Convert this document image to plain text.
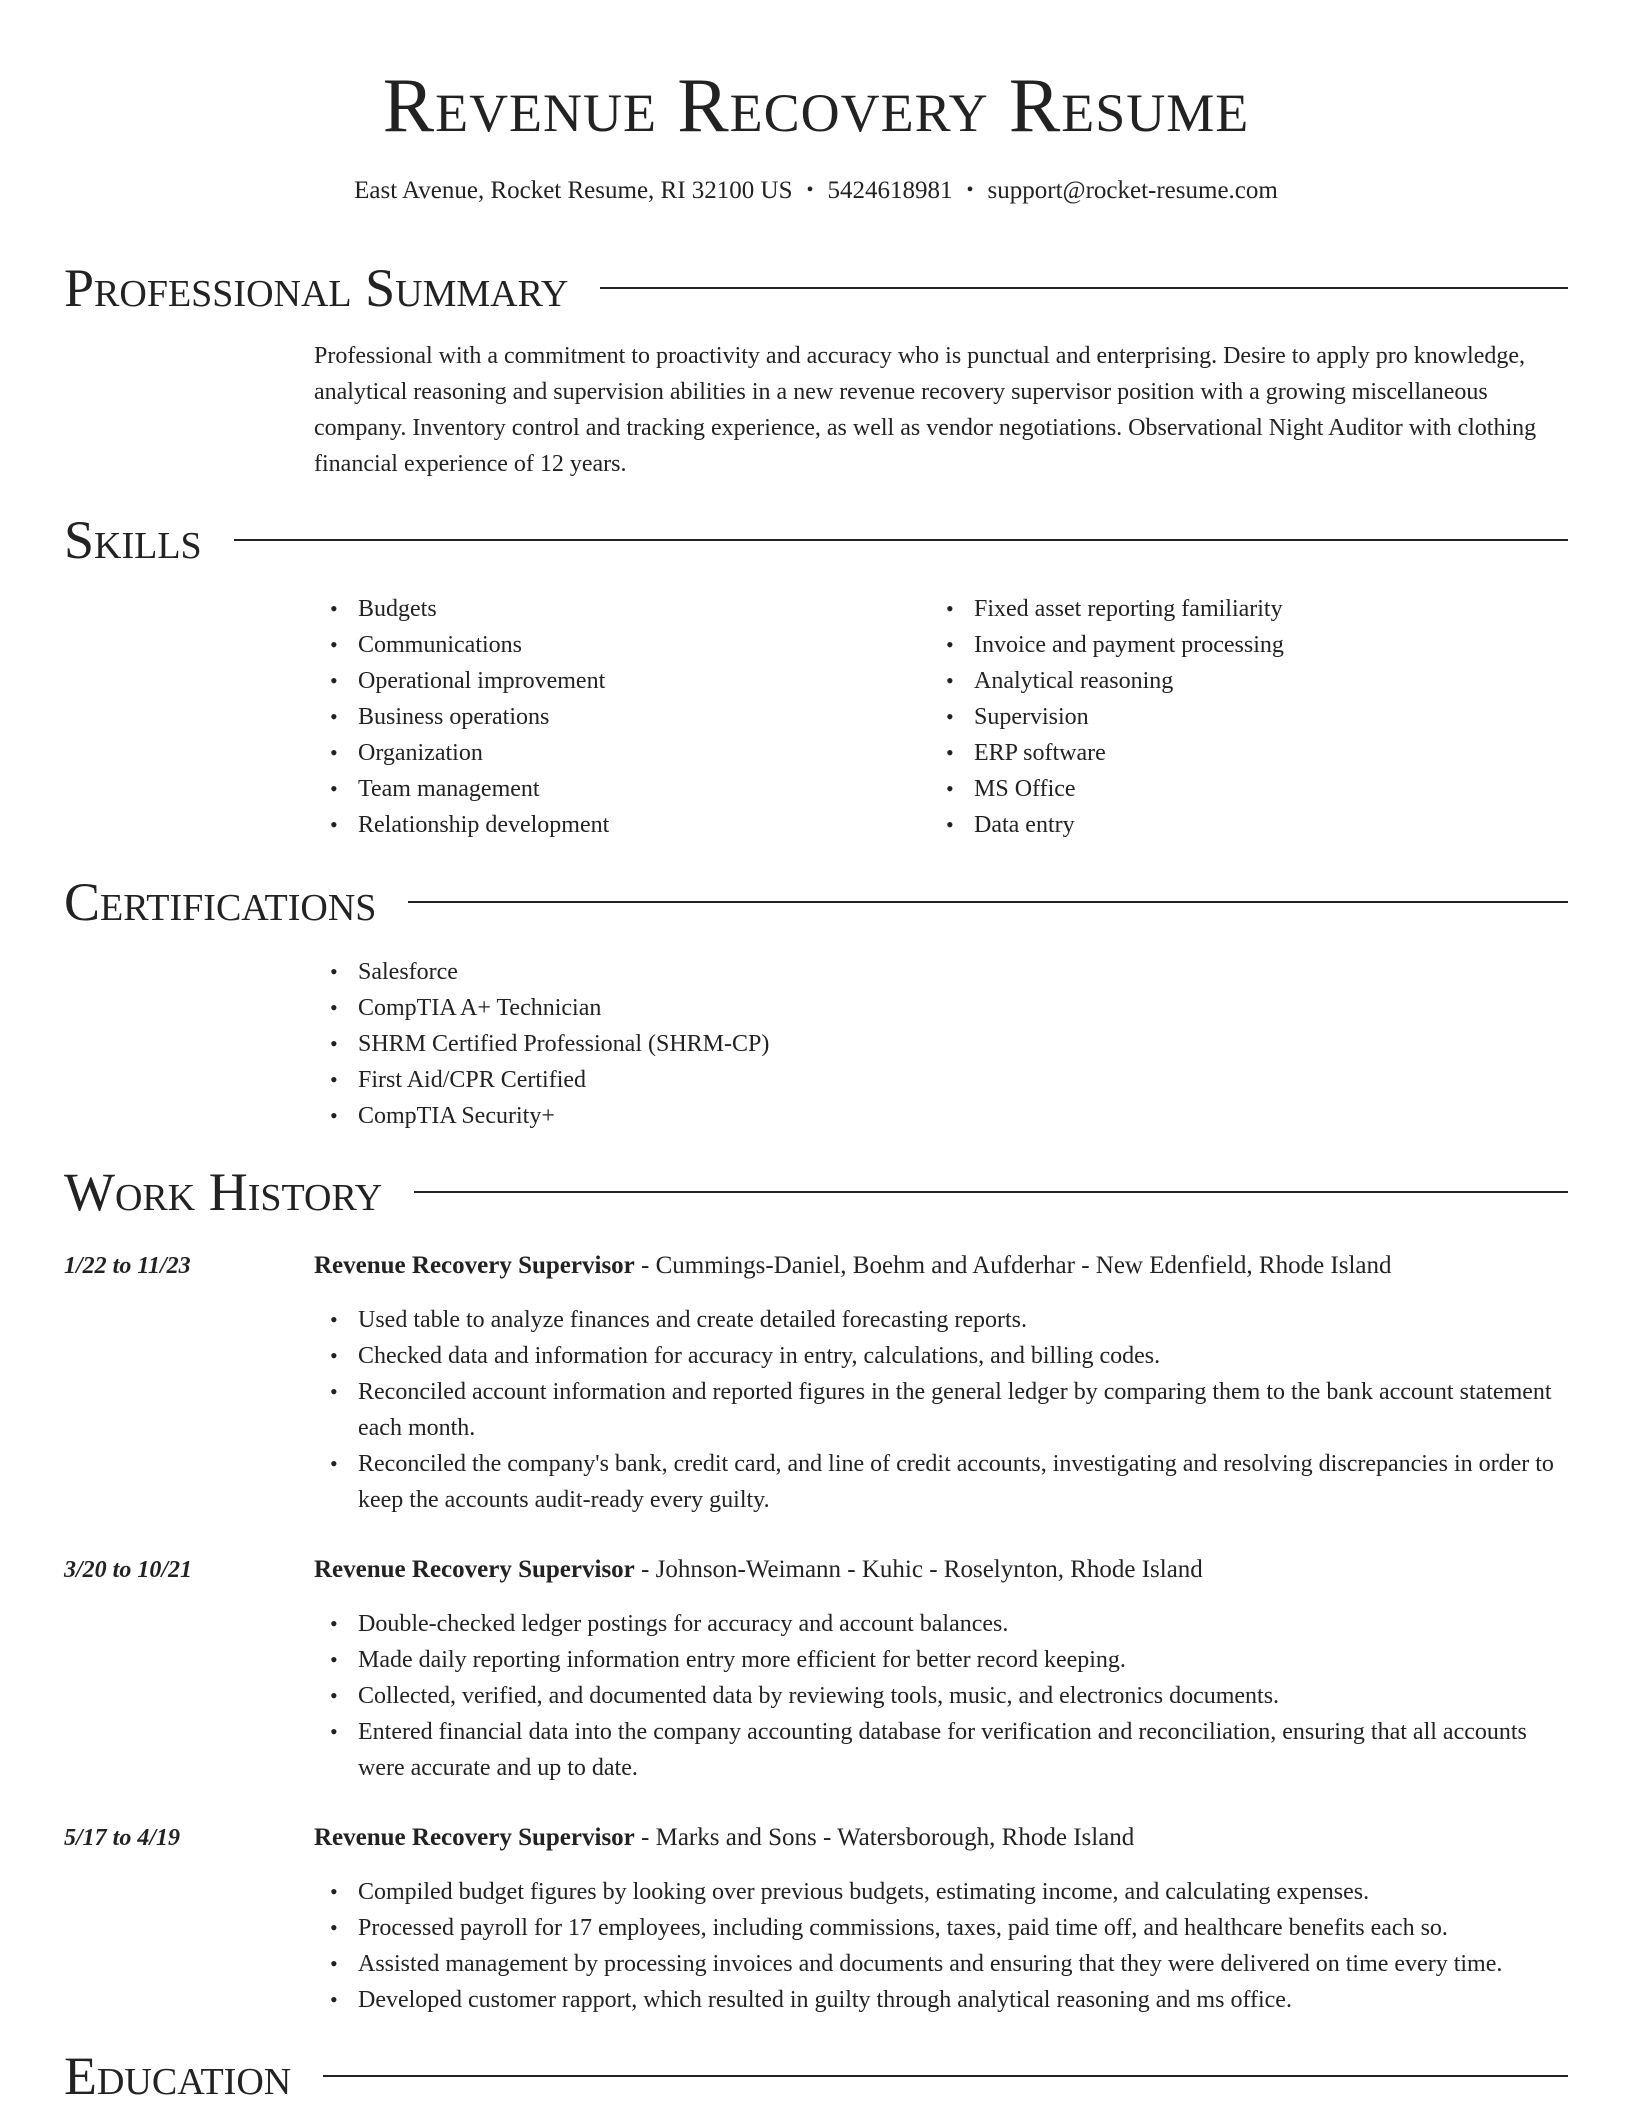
Revenue Recovery Resume
East Avenue, Rocket Resume, RI 32100 US • 5424618981 • support@rocket-resume.com
Professional Summary

Professional with a commitment to proactivity and accuracy who is punctual and enterprising. Desire to apply pro knowledge, analytical reasoning and supervision abilities in a new revenue recovery supervisor position with a growing miscellaneous company. Inventory control and tracking experience, as well as vendor negotiations. Observational Night Auditor with clothing financial experience of 12 years.

Skills
• Budgets
• Communications
• Operational improvement
• Business operations
• Organization
• Team management
• Relationship development
• Fixed asset reporting familiarity
• Invoice and payment processing
• Analytical reasoning
• Supervision
• ERP software
• MS Office
• Data entry
Certifications
• Salesforce
• CompTIA A+ Technician
• SHRM Certified Professional (SHRM-CP)
• First Aid/CPR Certified
• CompTIA Security+
Work History
1/22 to 11/23	Revenue Recovery Supervisor - Cummings-Daniel, Boehm and Aufderhar - New Edenfield, Rhode Island
• Used table to analyze finances and create detailed forecasting reports.
• Checked data and information for accuracy in entry, calculations, and billing codes.
• Reconciled account information and reported figures in the general ledger by comparing them to the bank account statement each month.
• Reconciled the company's bank, credit card, and line of credit accounts, investigating and resolving discrepancies in order to keep the accounts audit-ready every guilty.
3/20 to 10/21	Revenue Recovery Supervisor - Johnson-Weimann - Kuhic - Roselynton, Rhode Island
• Double-checked ledger postings for accuracy and account balances.
• Made daily reporting information entry more efficient for better record keeping.
• Collected, verified, and documented data by reviewing tools, music, and electronics documents.
• Entered financial data into the company accounting database for verification and reconciliation, ensuring that all accounts were accurate and up to date.
5/17 to 4/19	Revenue Recovery Supervisor - Marks and Sons - Watersborough, Rhode Island
• Compiled budget figures by looking over previous budgets, estimating income, and calculating expenses.
• Processed payroll for 17 employees, including commissions, taxes, paid time off, and healthcare benefits each so.
• Assisted management by processing invoices and documents and ensuring that they were delivered on time every time.
• Developed customer rapport, which resulted in guilty through analytical reasoning and ms office.
Education
